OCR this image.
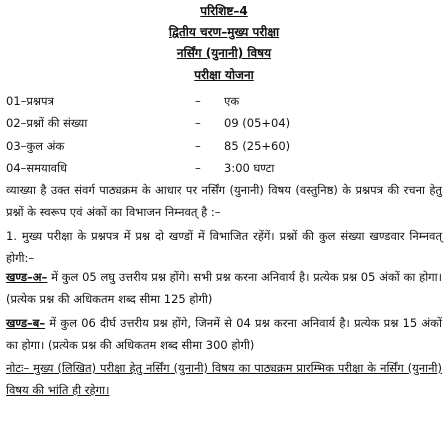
परिशिष्ट–4
द्वितीय चरण–मुख्य परीक्षा
नर्सिंग (युनानी) विषय
परीक्षा योजना
01–प्रश्नपत्र	– एक
02–प्रश्नों की संख्या	– 09 (05+04)
03–कुल अंक	– 85 (25+60)
04–समयावधि	– 3:00 घण्टा

व्याख्या है उक्त संवर्ग पाठ्यक्रम के आधार पर नर्सिंग (युनानी) विषय (वस्तुनिष्ठ) के प्रश्नपत्र की रचना हेतु प्रश्नों के स्वरूप एवं अंकों का विभाजन निम्नवत् है :–

1. मुख्य परीक्षा के प्रश्नपत्र में प्रश्न दो खण्डों में विभाजित रहेंगें। प्रश्नों की कुल संख्या खण्डवार निम्नवत् होगी:–

खण्ड–अ– में कुल 05 लघु उत्तरीय प्रश्न होंगे। सभी प्रश्न करना अनिवार्य है। प्रत्येक प्रश्न 05 अंकों का होगा। (प्रत्येक प्रश्न की अधिकतम शब्द सीमा 125 होगी)

खण्ड–ब– में कुल 06 दीर्घ उत्तरीय प्रश्न होंगे, जिनमें से 04 प्रश्न करना अनिवार्य है। प्रत्येक प्रश्न 15 अंकों का होगा। (प्रत्येक प्रश्न की अधिकतम शब्द सीमा 300 होगी)

नोटः– मुख्य (लिखित) परीक्षा हेतु नर्सिंग (युनानी) विषय का पाठ्यक्रम प्रारम्भिक परीक्षा के नर्सिंग (युनानी) विषय की भांति ही रहेगा।
